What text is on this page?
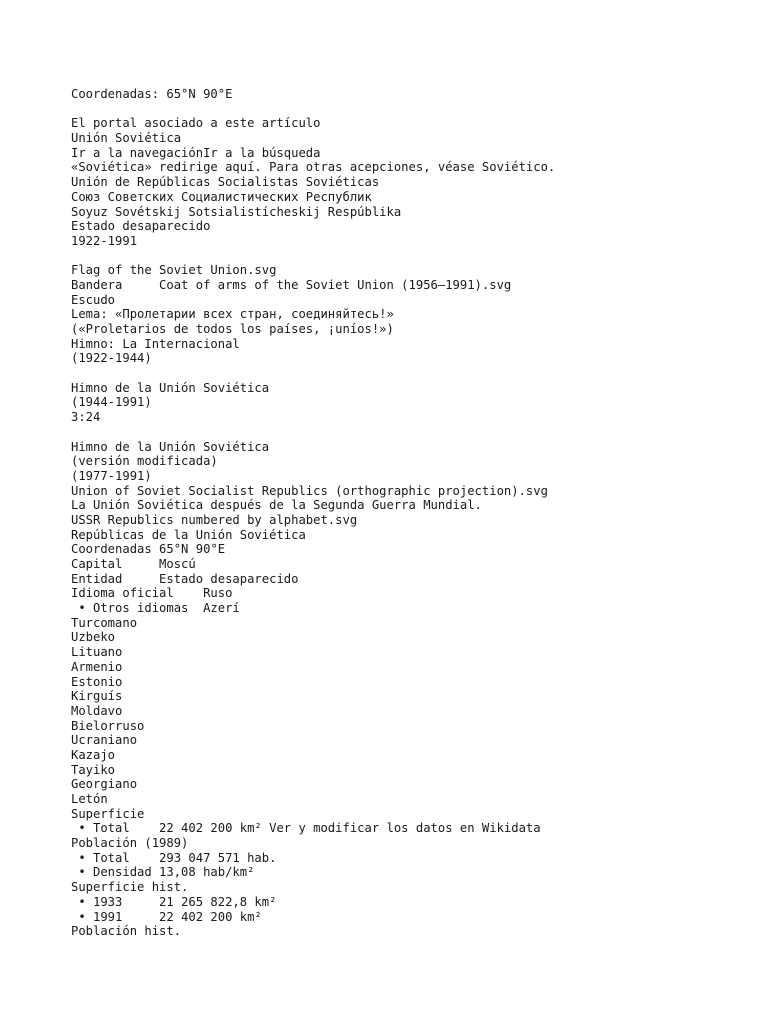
Coordenadas: 65°N 90°E
El portal asociado a este artículo
Unión Soviética
Ir a la navegaciónIr a la búsqueda
«Soviética» redirige aquí. Para otras acepciones, véase Soviético.
Unión de Repúblicas Socialistas Soviéticas
Союз Советских Социалистических Республик
Soyuz Sovétskij Sotsialistícheskij Respúblika
Estado desaparecido
1922-1991
Flag of the Soviet Union.svg
Bandera     Coat of arms of the Soviet Union (1956–1991).svg
Escudo
Lema: «Пролетарии всех стран, соединяйтесь!»
(«Proletarios de todos los países, ¡uníos!»)
Himno: La Internacional
(1922-1944)
Himno de la Unión Soviética
(1944-1991)
3:24
Himno de la Unión Soviética
(versión modificada)
(1977-1991)
Union of Soviet Socialist Republics (orthographic projection).svg
La Unión Soviética después de la Segunda Guerra Mundial.
USSR Republics numbered by alphabet.svg
Repúblicas de la Unión Soviética
Coordenadas 65°N 90°E
Capital     Moscú
Entidad     Estado desaparecido
Idioma oficial    Ruso
• Otros idiomas  Azerí
Turcomano
Uzbeko
Lituano
Armenio
Estonio
Kirguís
Moldavo
Bielorruso
Ucraniano
Kazajo
Tayiko
Georgiano
Letón
Superficie
• Total    22 402 200 km² Ver y modificar los datos en Wikidata
Población (1989)
• Total    293 047 571 hab.
• Densidad 13,08 hab/km²
Superficie hist.
• 1933     21 265 822,8 km²
• 1991     22 402 200 km²
Población hist.
